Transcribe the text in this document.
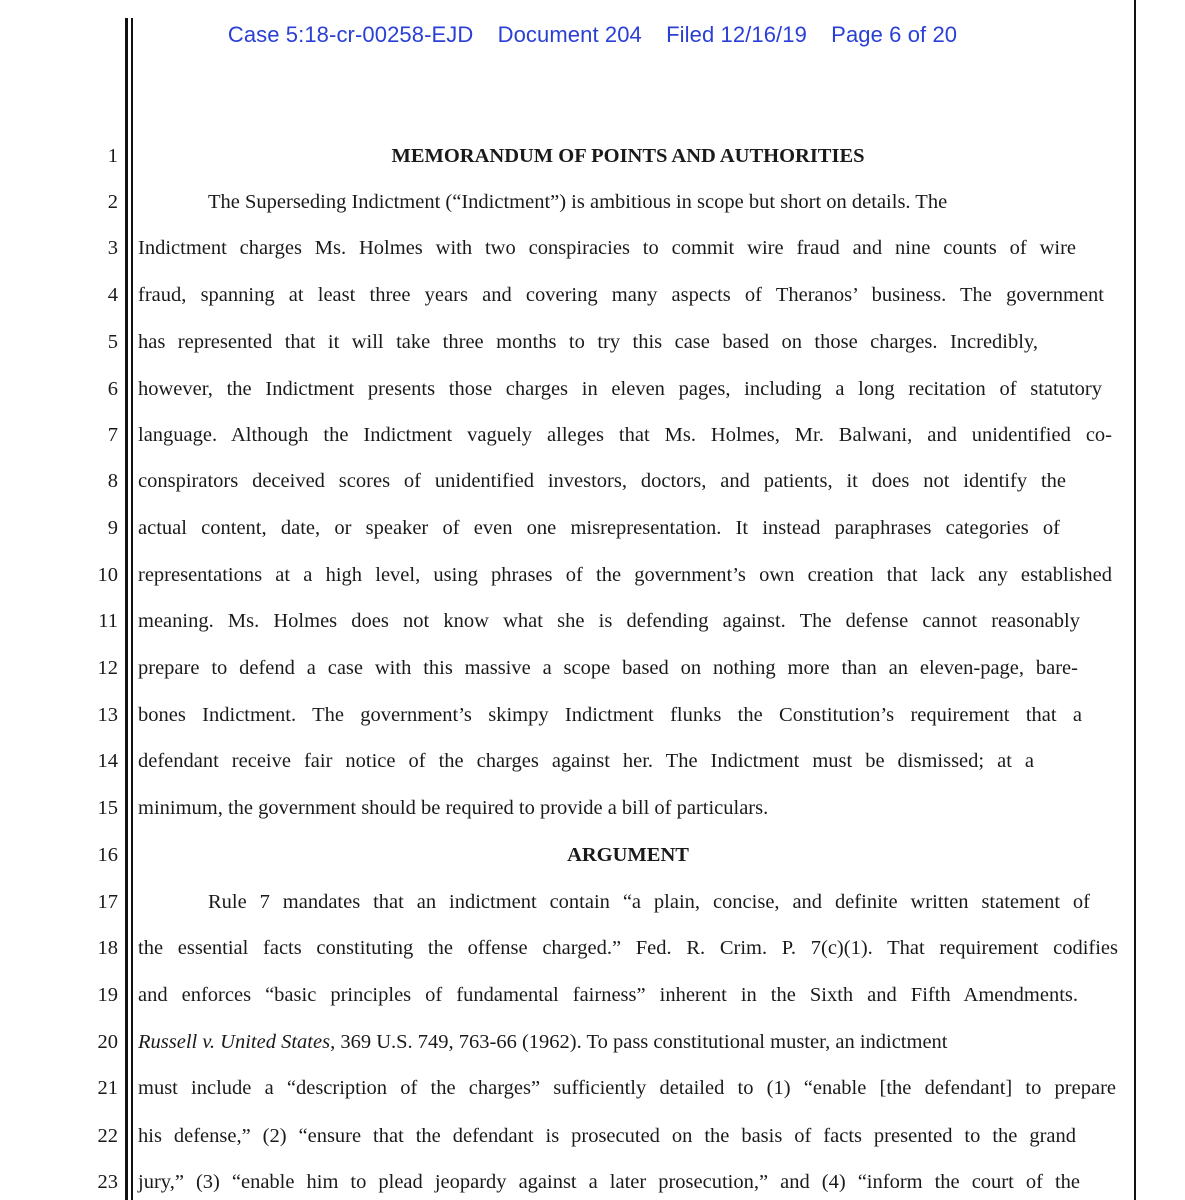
Case 5:18-cr-00258-EJD Document 204 Filed 12/16/19 Page 6 of 20
1	MEMORANDUM OF POINTS AND AUTHORITIES
2	The Superseding Indictment (“Indictment”) is ambitious in scope but short on details. The
3 Indictment charges Ms. Holmes with two conspiracies to commit wire fraud and nine counts of wire
4 fraud, spanning at least three years and covering many aspects of Theranos’ business. The government
5 has represented that it will take three months to try this case based on those charges. Incredibly,
6 however, the Indictment presents those charges in eleven pages, including a long recitation of statutory
7 language. Although the Indictment vaguely alleges that Ms. Holmes, Mr. Balwani, and unidentified co-
8 conspirators deceived scores of unidentified investors, doctors, and patients, it does not identify the
9 actual content, date, or speaker of even one misrepresentation. It instead paraphrases categories of
10 representations at a high level, using phrases of the government’s own creation that lack any established
11 meaning. Ms. Holmes does not know what she is defending against. The defense cannot reasonably
12 prepare to defend a case with this massive a scope based on nothing more than an eleven-page, bare-
13 bones Indictment. The government’s skimpy Indictment flunks the Constitution’s requirement that a
14 defendant receive fair notice of the charges against her. The Indictment must be dismissed; at a
15 minimum, the government should be required to provide a bill of particulars.
16	ARGUMENT
17	Rule 7 mandates that an indictment contain “a plain, concise, and definite written statement of
18 the essential facts constituting the offense charged.” Fed. R. Crim. P. 7(c)(1). That requirement codifies
19 and enforces “basic principles of fundamental fairness” inherent in the Sixth and Fifth Amendments.
20 Russell v. United States, 369 U.S. 749, 763-66 (1962). To pass constitutional muster, an indictment
21 must include a “description of the charges” sufficiently detailed to (1) “enable [the defendant] to prepare
22 his defense,” (2) “ensure that the defendant is prosecuted on the basis of facts presented to the grand
23 jury,” (3) “enable him to plead jeopardy against a later prosecution,” and (4) “inform the court of the
